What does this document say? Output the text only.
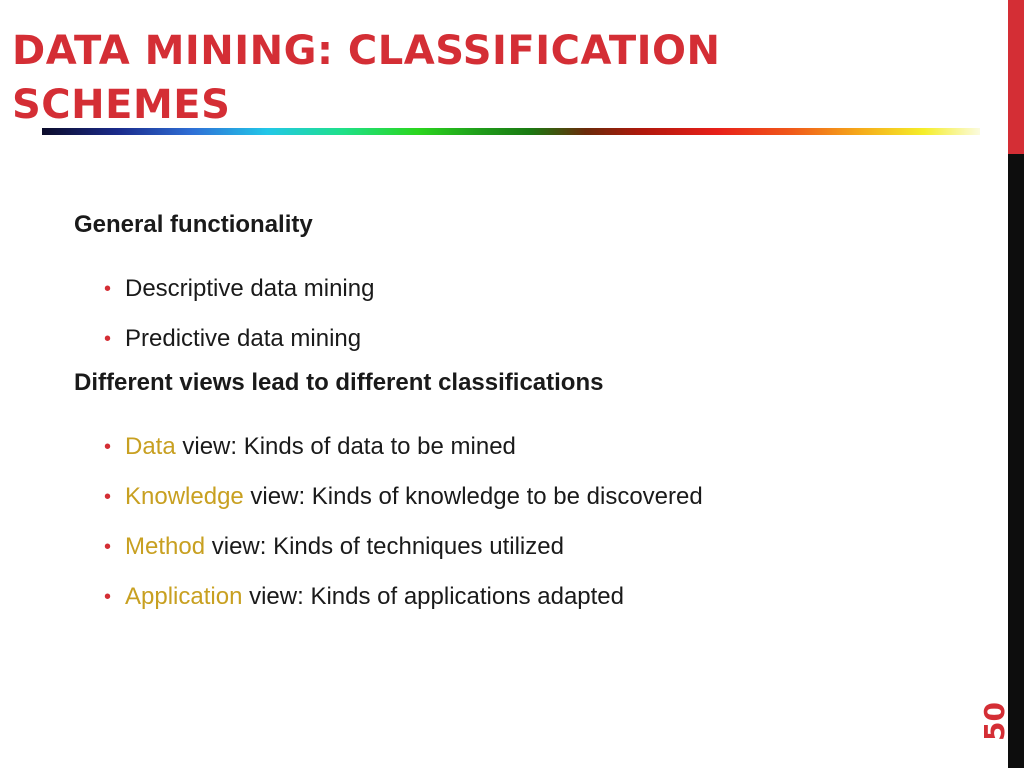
DATA MINING: CLASSIFICATION SCHEMES
50

General functionality

• Descriptive data mining
• Predictive data mining

Different views lead to different classifications

• Data view: Kinds of data to be mined
• Knowledge view: Kinds of knowledge to be discovered
• Method view: Kinds of techniques utilized
• Application view: Kinds of applications adapted
